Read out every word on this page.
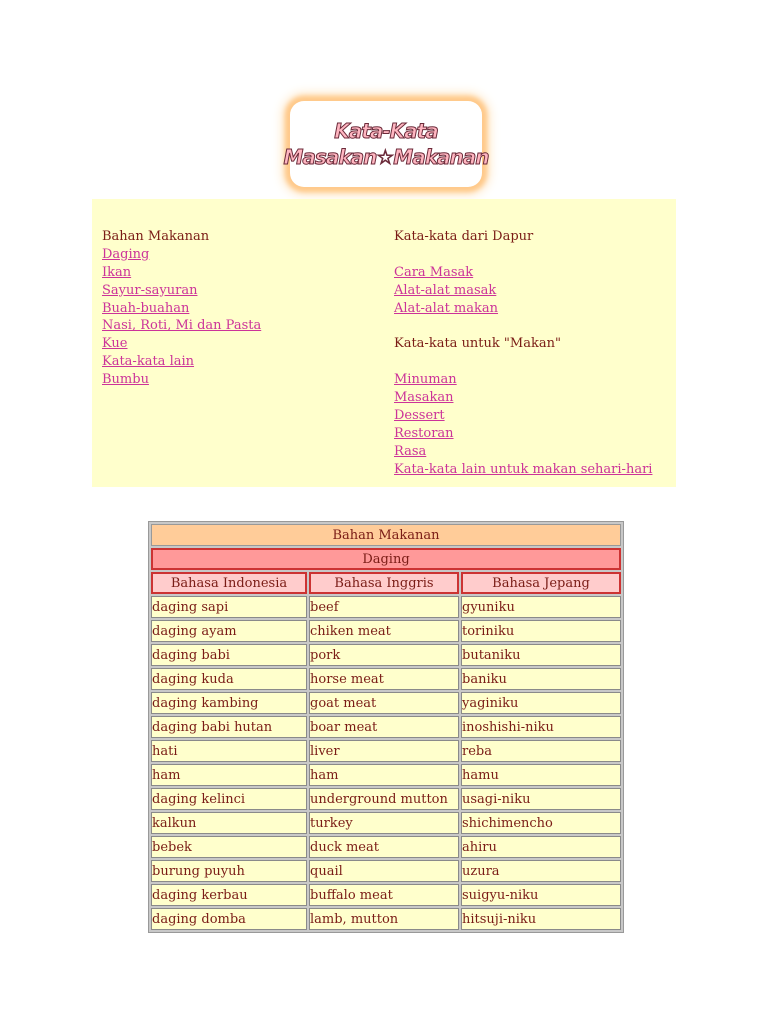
Kata-Kata
Masakan☆Makanan
Bahan Makanan
Daging
Ikan
Sayur-sayuran
Buah-buahan
Nasi, Roti, Mi dan Pasta
Kue
Kata-kata lain
Bumbu
Kata-kata dari Dapur
Cara Masak
Alat-alat masak
Alat-alat makan
Kata-kata untuk "Makan"
Minuman
Masakan
Dessert
Restoran
Rasa
Kata-kata lain untuk makan sehari-hari
Bahan Makanan		
Daging		
Bahasa Indonesia	Bahasa Inggris	Bahasa Jepang
daging sapi	beef	gyuniku
daging ayam	chiken meat	toriniku
daging babi	pork	butaniku
daging kuda	horse meat	baniku
daging kambing	goat meat	yaginiku
daging babi hutan	boar meat	inoshishi-niku
hati	liver	reba
ham	ham	hamu
daging kelinci	underground mutton	usagi-niku
kalkun	turkey	shichimencho
bebek	duck meat	ahiru
burung puyuh	quail	uzura
daging kerbau	buffalo meat	suigyu-niku
daging domba	lamb, mutton	hitsuji-niku
